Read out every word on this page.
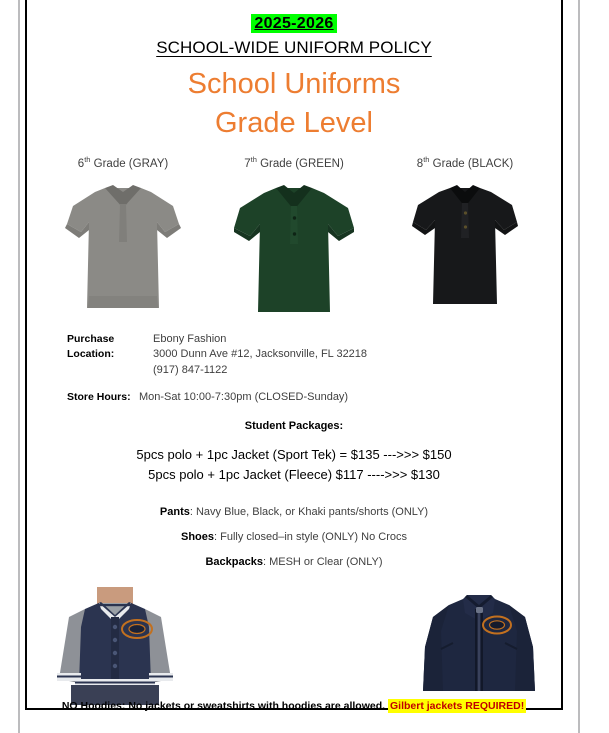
2025-2026
SCHOOL-WIDE UNIFORM POLICY
School Uniforms
Grade Level
6th Grade (GRAY)	7th Grade (GREEN)	8th Grade (BLACK)
Purchase Location:
Ebony Fashion
3000 Dunn Ave #12, Jacksonville, FL 32218
(917) 847-1122
Store Hours: Mon-Sat 10:00-7:30pm (CLOSED-Sunday)
Student Packages:
5pcs polo + 1pc Jacket (Sport Tek) = $135 --->>> $150
5pcs polo + 1pc Jacket (Fleece) $117 ---->>> $130
Pants: Navy Blue, Black, or Khaki pants/shorts (ONLY)
Shoes: Fully closed–in style (ONLY) No Crocs
Backpacks: MESH or Clear (ONLY)
NO Hoodies: No jackets or sweatshirts with hoodies are allowed. Gilbert jackets REQUIRED!
